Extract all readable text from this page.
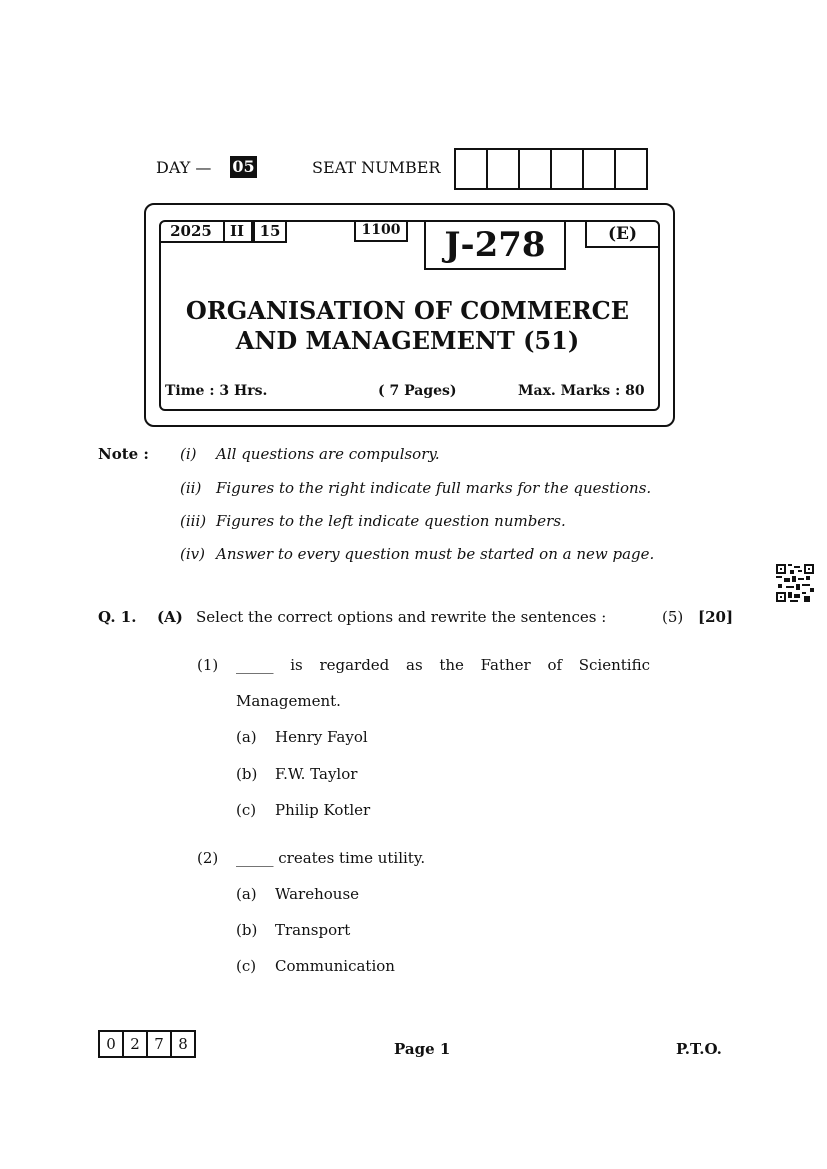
DAY — 05	SEAT NUMBER
2025	II	15	1100	J-278	(E)
ORGANISATION OF COMMERCE
AND MANAGEMENT (51)
Time : 3 Hrs.	( 7 Pages)	Max. Marks : 80
Note : (i) All questions are compulsory.
(ii) Figures to the right indicate full marks for the questions.
(iii) Figures to the left indicate question numbers.
(iv) Answer to every question must be started on a new page.
Q. 1. (A) Select the correct options and rewrite the sentences :	(5) [20]
(1) _____ is regarded as the Father of Scientific
Management.
(a) Henry Fayol
(b) F.W. Taylor
(c) Philip Kotler
(2) _____ creates time utility.
(a) Warehouse
(b) Transport
(c) Communication
0 2 7 8	Page 1	P.T.O.
